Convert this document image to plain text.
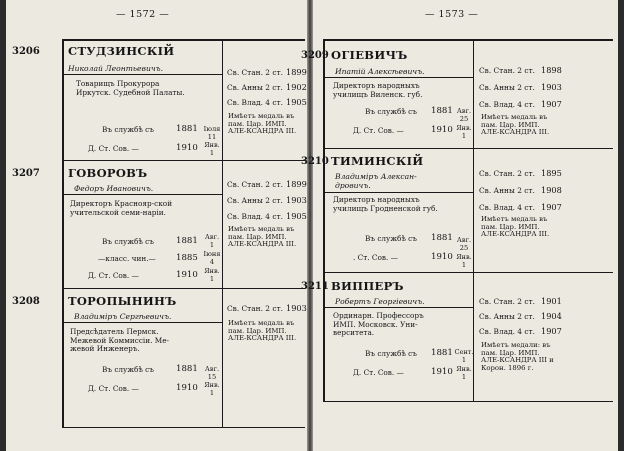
— 1572 —
3206 СТУДЗИНСКІЙ
Николай Леонтьевичъ.
Товарищъ Прокурора Иркутск. Судебной Палаты.
Въ службѣ съ	1881
Д. Ст. Сов. —	1910
Іюля
11
Янв.
1
Св. Стан. 2 ст. 1899
Св. Анны 2 ст. 1902
Св. Влад. 4 ст. 1905
Имѣетъ медаль въ пам. Цар. ИМП. АЛЕ-КСАНДРА III.
3207 ГОВОРОВЪ
Федоръ Ивановичъ.
Директоръ Краснояр-ской учительской семи-наріи.
Въ службѣ съ	1881
—класс. чин.— 1885
Д. Ст. Сов. —	1910
Авг.
1
Іюня
4
Янв.
1
Св. Стан. 2 ст. 1899
Св. Анны 2 ст. 1903
Св. Влад. 4 ст. 1905
Имѣетъ медаль въ пам. Цар. ИМП. АЛЕ-КСАНДРА III.
3208 ТОРОПЫНИНЪ
Владиміръ Сергѣевичъ.
Предсѣдатель Пермск. Межевой Коммиссіи. Ме-жевой Инженеръ.
Въ службѣ съ	1881
Д. Ст. Сов. —	1910
Авг.
15
Янв.
1
Св. Стан. 2 ст. 1903
Имѣетъ медаль въ пам. Цар. ИМП. АЛЕ-КСАНДРА III.
— 1573 —
3209 ОГІЕВИЧЪ
Ипатій Алексѣевичъ.
Директоръ народныхъ училищъ Виленск. губ.
Въ службѣ съ 1881
Д. Ст. Сов. —	1910
Авг.
25
Янв.
1
Св. Стан. 2 ст. 1898
Св. Анны 2 ст. 1903
Св. Влад. 4 ст. 1907
Имѣетъ медаль въ пам. Цар. ИМП. АЛЕ-КСАНДРА III.
3210 ТИМИНСКІЙ
Владиміръ Алексан-дровичъ.
Директоръ народныхъ училищъ Гродненской губ.
Въ службѣ съ 1881
. Ст. Сов. —	1910
Авг.
25
Янв.
1
Св. Стан. 2 ст. 1895
Св. Анны 2 ст. 1908
Св. Влад. 4 ст. 1907
Имѣетъ медаль въ пам. Цар. ИМП. АЛЕ-КСАНДРА III.
3211 ВИППЕРЪ
Робертъ Георгіевичъ.
Ординарн. Профессоръ ИМП. Московск. Уни-верситета.
Въ службѣ съ 1881
Д. Ст. Сов. —	1910
Сент.
1
Янв.
1
Св. Стан. 2 ст. 1901
Св. Анны 2 ст. 1904
Св. Влад. 4 ст. 1907
Имѣетъ медали: въ пам. Цар. ИМП. АЛЕ-КСАНДРА III и Корон. 1896 г.
